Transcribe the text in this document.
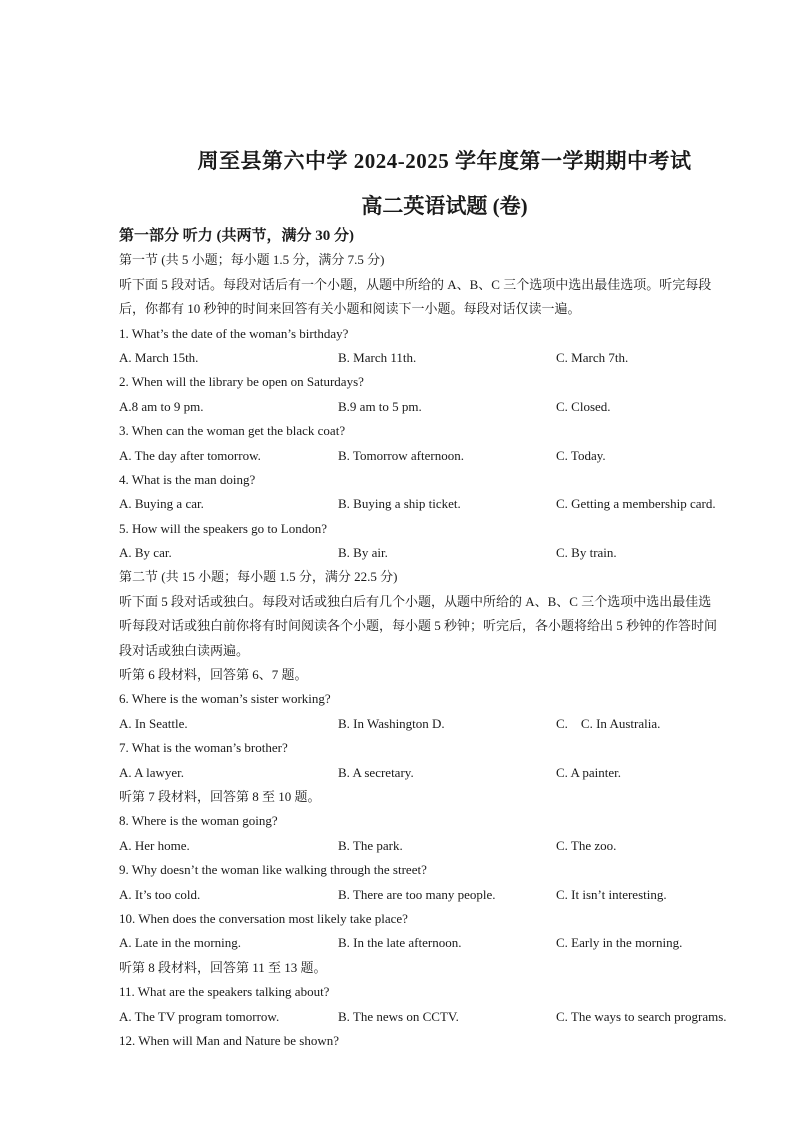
周至县第六中学 2024-2025 学年度第一学期期中考试
高二英语试题 (卷)
第一部分 听力 (共两节，满分 30 分)
第一节 (共 5 小题；每小题 1.5 分，满分 7.5 分)
听下面 5 段对话。每段对话后有一个小题，从题中所给的 A、B、C 三个选项中选出最佳选项。听完每段
后，你都有 10 秒钟的时间来回答有关小题和阅读下一小题。每段对话仅读一遍。
1. What’s the date of the woman’s birthday?
A. March 15th.	B. March 11th.	C. March 7th.
2. When will the library be open on Saturdays?
A.8 am to 9 pm.	B.9 am to 5 pm.	C. Closed.
3. When can the woman get the black coat?
A. The day after tomorrow.	B. Tomorrow afternoon.	C. Today.
4. What is the man doing?
A. Buying a car.	B. Buying a ship ticket.	C. Getting a membership card.
5. How will the speakers go to London?
A. By car.	B. By air.	C. By train.
第二节 (共 15 小题；每小题 1.5 分，满分 22.5 分)
听下面 5 段对话或独白。每段对话或独白后有几个小题，从题中所给的 A、B、C 三个选项中选出最佳选
听每段对话或独白前你将有时间阅读各个小题，每小题 5 秒钟；听完后，各小题将给出 5 秒钟的作答时间
段对话或独白读两遍。
听第 6 段材料，回答第 6、7 题。
6. Where is the woman’s sister working?
A. In Seattle.	B. In Washington D.	C.    C. In Australia.
7. What is the woman’s brother?
A. A lawyer.	B. A secretary.	C. A painter.
听第 7 段材料，回答第 8 至 10 题。
8. Where is the woman going?
A. Her home.	B. The park.	C. The zoo.
9. Why doesn’t the woman like walking through the street?
A. It’s too cold.	B. There are too many people.	C. It isn’t interesting.
10. When does the conversation most likely take place?
A. Late in the morning.	B. In the late afternoon.	C. Early in the morning.
听第 8 段材料，回答第 11 至 13 题。
11. What are the speakers talking about?
A. The TV program tomorrow.	B. The news on CCTV.	C. The ways to search programs.
12. When will Man and Nature be shown?
